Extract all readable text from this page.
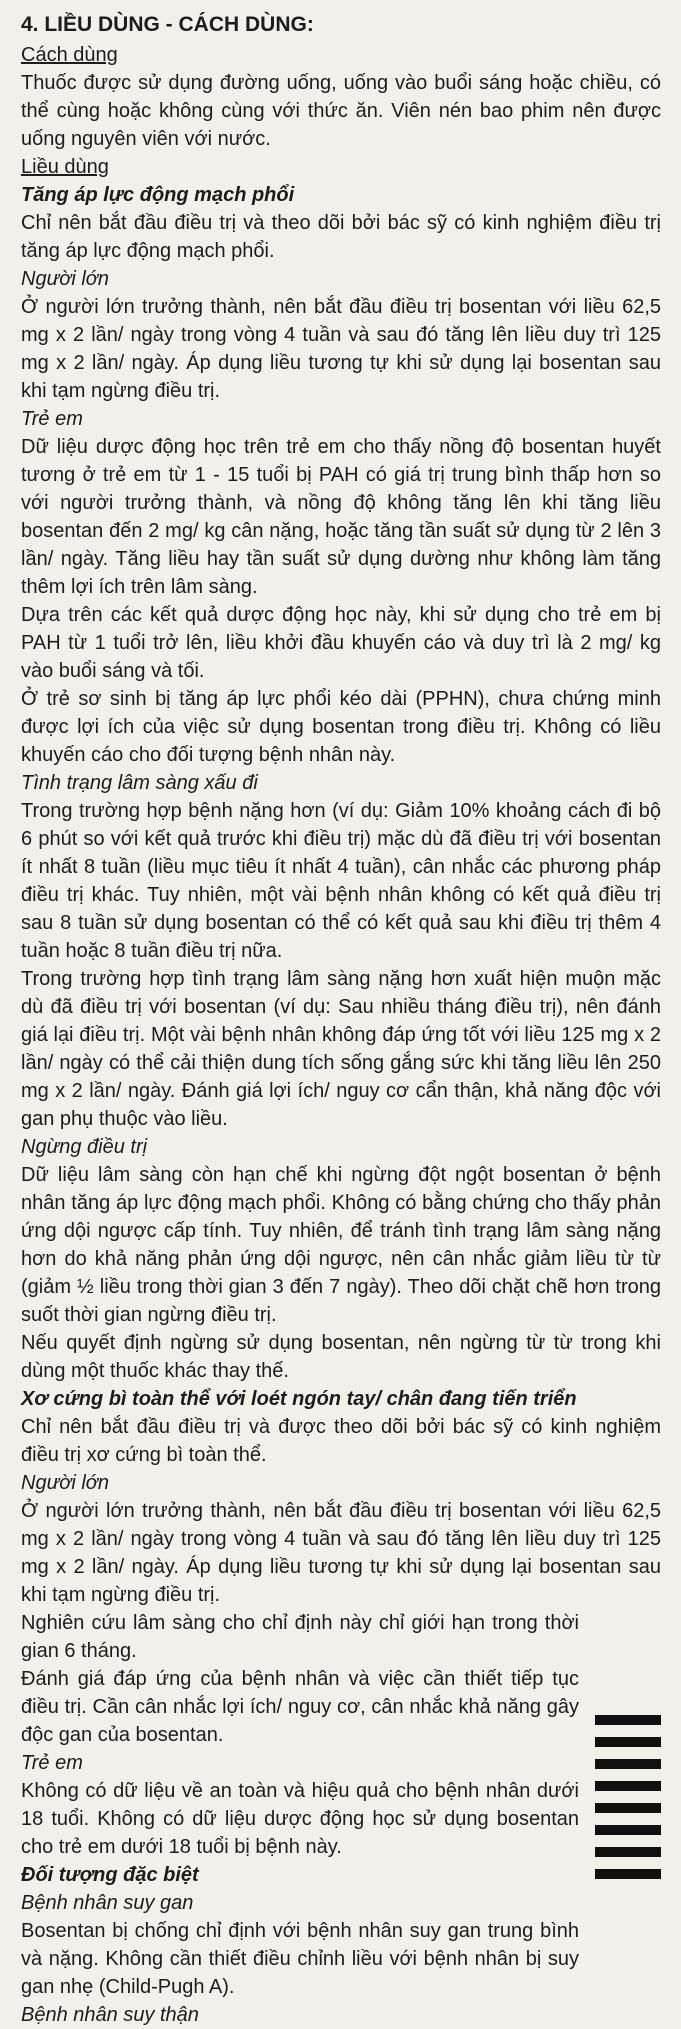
4. LIỀU DÙNG - CÁCH DÙNG:

Cách dùng

Thuốc được sử dụng đường uống, uống vào buổi sáng hoặc chiều, có thể cùng hoặc không cùng với thức ăn. Viên nén bao phim nên được uống nguyên viên với nước.

Liều dùng

Tăng áp lực động mạch phổi

Chỉ nên bắt đầu điều trị và theo dõi bởi bác sỹ có kinh nghiệm điều trị tăng áp lực động mạch phổi.

Người lớn

Ở người lớn trưởng thành, nên bắt đầu điều trị bosentan với liều 62,5 mg x 2 lần/ ngày trong vòng 4 tuần và sau đó tăng lên liều duy trì 125 mg x 2 lần/ ngày. Áp dụng liều tương tự khi sử dụng lại bosentan sau khi tạm ngừng điều trị.

Trẻ em

Dữ liệu dược động học trên trẻ em cho thấy nồng độ bosentan huyết tương ở trẻ em từ 1 - 15 tuổi bị PAH có giá trị trung bình thấp hơn so với người trưởng thành, và nồng độ không tăng lên khi tăng liều bosentan đến 2 mg/ kg cân nặng, hoặc tăng tần suất sử dụng từ 2 lên 3 lần/ ngày. Tăng liều hay tần suất sử dụng dường như không làm tăng thêm lợi ích trên lâm sàng.

Dựa trên các kết quả dược động học này, khi sử dụng cho trẻ em bị PAH từ 1 tuổi trở lên, liều khởi đầu khuyến cáo và duy trì là 2 mg/ kg vào buổi sáng và tối.

Ở trẻ sơ sinh bị tăng áp lực phổi kéo dài (PPHN), chưa chứng minh được lợi ích của việc sử dụng bosentan trong điều trị. Không có liều khuyến cáo cho đối tượng bệnh nhân này.

Tình trạng lâm sàng xấu đi

Trong trường hợp bệnh nặng hơn (ví dụ: Giảm 10% khoảng cách đi bộ 6 phút so với kết quả trước khi điều trị) mặc dù đã điều trị với bosentan ít nhất 8 tuần (liều mục tiêu ít nhất 4 tuần), cân nhắc các phương pháp điều trị khác. Tuy nhiên, một vài bệnh nhân không có kết quả điều trị sau 8 tuần sử dụng bosentan có thể có kết quả sau khi điều trị thêm 4 tuần hoặc 8 tuần điều trị nữa.

Trong trường hợp tình trạng lâm sàng nặng hơn xuất hiện muộn mặc dù đã điều trị với bosentan (ví dụ: Sau nhiều tháng điều trị), nên đánh giá lại điều trị. Một vài bệnh nhân không đáp ứng tốt với liều 125 mg x 2 lần/ ngày có thể cải thiện dung tích sống gắng sức khi tăng liều lên 250 mg x 2 lần/ ngày. Đánh giá lợi ích/ nguy cơ cẩn thận, khả năng độc với gan phụ thuộc vào liều.

Ngừng điều trị

Dữ liệu lâm sàng còn hạn chế khi ngừng đột ngột bosentan ở bệnh nhân tăng áp lực động mạch phổi. Không có bằng chứng cho thấy phản ứng dội ngược cấp tính. Tuy nhiên, để tránh tình trạng lâm sàng nặng hơn do khả năng phản ứng dội ngược, nên cân nhắc giảm liều từ từ (giảm ½ liều trong thời gian 3 đến 7 ngày). Theo dõi chặt chẽ hơn trong suốt thời gian ngừng điều trị.

Nếu quyết định ngừng sử dụng bosentan, nên ngừng từ từ trong khi dùng một thuốc khác thay thế.

Xơ cứng bì toàn thể với loét ngón tay/ chân đang tiến triển

Chỉ nên bắt đầu điều trị và được theo dõi bởi bác sỹ có kinh nghiệm điều trị xơ cứng bì toàn thể.

Người lớn

Ở người lớn trưởng thành, nên bắt đầu điều trị bosentan với liều 62,5 mg x 2 lần/ ngày trong vòng 4 tuần và sau đó tăng lên liều duy trì 125 mg x 2 lần/ ngày. Áp dụng liều tương tự khi sử dụng lại bosentan sau khi tạm ngừng điều trị.

Nghiên cứu lâm sàng cho chỉ định này chỉ giới hạn trong thời gian 6 tháng.

Đánh giá đáp ứng của bệnh nhân và việc cần thiết tiếp tục điều trị. Cần cân nhắc lợi ích/ nguy cơ, cân nhắc khả năng gây độc gan của bosentan.

Trẻ em

Không có dữ liệu về an toàn và hiệu quả cho bệnh nhân dưới 18 tuổi. Không có dữ liệu dược động học sử dụng bosentan cho trẻ em dưới 18 tuổi bị bệnh này.

Đối tượng đặc biệt

Bệnh nhân suy gan

Bosentan bị chống chỉ định với bệnh nhân suy gan trung bình và nặng. Không cần thiết điều chỉnh liều với bệnh nhân bị suy gan nhẹ (Child-Pugh A).

Bệnh nhân suy thận
